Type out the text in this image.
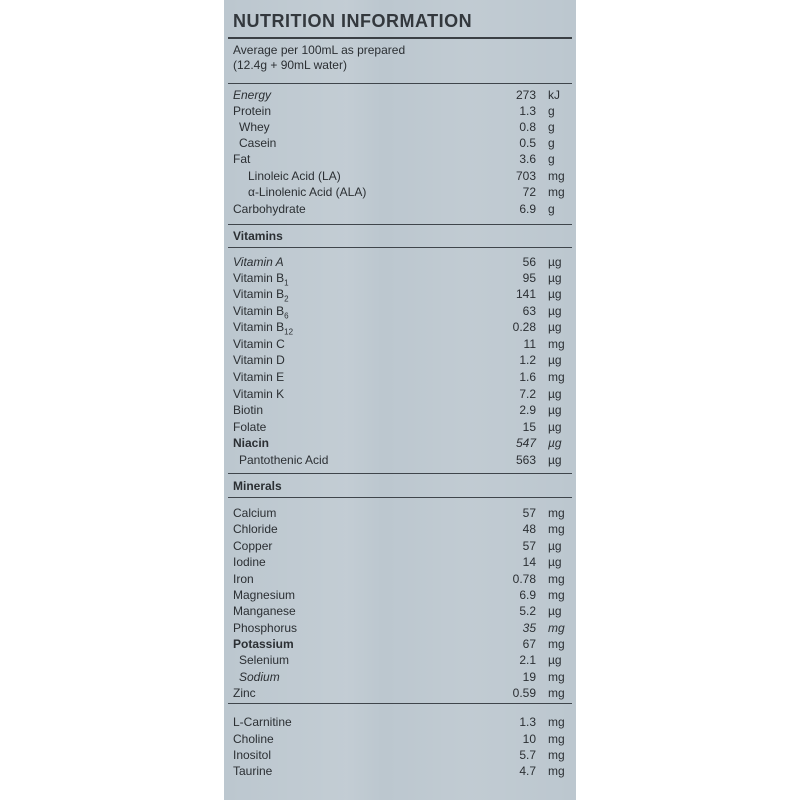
NUTRITION INFORMATION
Average per 100mL as prepared
(12.4g + 90mL water)
Vitamins
Minerals
Energy	273 kJ
Protein	1.3 g
Whey	0.8 g
Casein	0.5 g
Fat	3.6 g
Linoleic Acid (LA)	703 mg
α-Linolenic Acid (ALA)	72 mg
Carbohydrate	6.9 g
Vitamin A	56 µg
Vitamin $B_1$	95 µg
Vitamin $B_2$	141 µg
Vitamin $B_6$	63 µg
Vitamin $B_{12}$	0.28 µg
Vitamin C	11 mg
Vitamin D	1.2 µg
Vitamin E	1.6 mg
Vitamin K	7.2 µg
Biotin	2.9 µg
Folate	15 µg
Niacin	547 µg
Pantothenic Acid	563 µg
Calcium	57 mg
Chloride	48 mg
Copper	57 µg
Iodine	14 µg
Iron	0.78 mg
Magnesium	6.9 mg
Manganese	5.2 µg
Phosphorus	35 mg
Potassium	67 mg
Selenium	2.1 µg
Sodium	19 mg
Zinc	0.59 mg
L-Carnitine	1.3 mg
Choline	10 mg
Inositol	5.7 mg
Taurine	4.7 mg
